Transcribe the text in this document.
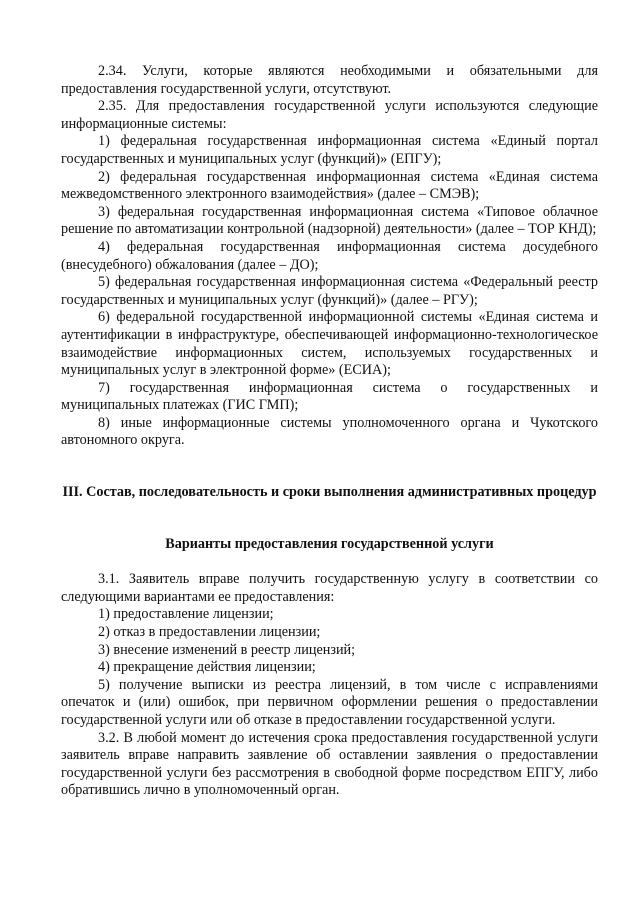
2.34. Услуги, которые являются необходимыми и обязательными для предоставления государственной услуги, отсутствуют.

2.35. Для предоставления государственной услуги используются следующие информационные системы:

1) федеральная государственная информационная система «Единый портал государственных и муниципальных услуг (функций)» (ЕПГУ);

2) федеральная государственная информационная система «Единая система межведомственного электронного взаимодействия» (далее – СМЭВ);

3) федеральная государственная информационная система «Типовое облачное решение по автоматизации контрольной (надзорной) деятельности» (далее – ТОР КНД);

4) федеральная государственная информационная система досудебного (внесудебного) обжалования (далее – ДО);

5) федеральная государственная информационная система «Федеральный реестр государственных и муниципальных услуг (функций)» (далее – РГУ);

6) федеральной государственной информационной системы «Единая система и аутентификации в инфраструктуре, обеспечивающей информационно-технологическое взаимодействие информационных систем, используемых государственных и муниципальных услуг в электронной форме» (ЕСИА);

7) государственная информационная система о государственных и муниципальных платежах (ГИС ГМП);

8) иные информационные системы уполномоченного органа и Чукотского автономного округа.

III. Состав, последовательность и сроки выполнения административных процедур

Варианты предоставления государственной услуги

3.1. Заявитель вправе получить государственную услугу в соответствии со следующими вариантами ее предоставления:

1) предоставление лицензии;

2) отказ в предоставлении лицензии;

3) внесение изменений в реестр лицензий;

4) прекращение действия лицензии;

5) получение выписки из реестра лицензий, в том числе с исправлениями опечаток и (или) ошибок, при первичном оформлении решения о предоставлении государственной услуги или об отказе в предоставлении государственной услуги.

3.2. В любой момент до истечения срока предоставления государственной услуги заявитель вправе направить заявление об оставлении заявления о предоставлении государственной услуги без рассмотрения в свободной форме посредством ЕПГУ, либо обратившись лично в уполномоченный орган.
